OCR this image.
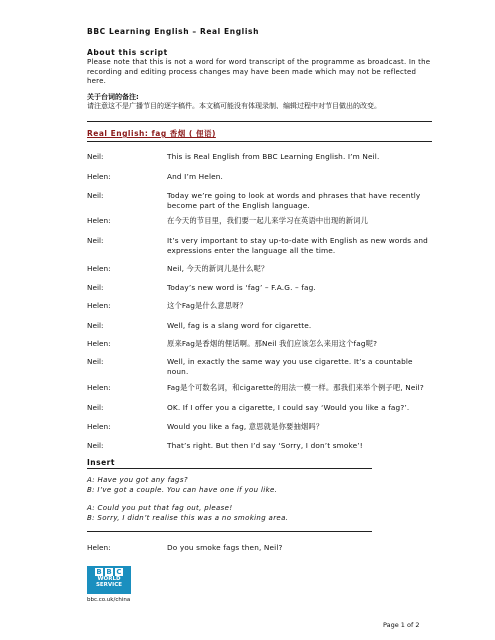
BBC Learning English – Real English
About this script
Please note that this is not a word for word transcript of the programme as broadcast. In the recording and editing process changes may have been made which may not be reflected here.
关于台词的备注:
请注意这不是广播节目的逐字稿件。本文稿可能没有体现录制、编辑过程中对节目做出的改变。
Real English: fag 香烟 ( 俚语)
Neil:	This is Real English from BBC Learning English. I’m Neil.
Helen:	And I’m Helen.
Neil:	Today we’re going to look at words and phrases that have recently become part of the English language.
Helen:	在今天的节目里，我们要一起儿来学习在英语中出现的新词儿
Neil:	It’s very important to stay up-to-date with English as new words and expressions enter the language all the time.
Helen:	Neil, 今天的新词儿是什么呢？
Neil:	Today’s new word is ‘fag’ – F.A.G. – fag.
Helen:	这个Fag是什么意思呀？
Neil:	Well, fag is a slang word for cigarette.
Helen:	原来Fag是香烟的俚话啊。那Neil 我们应该怎么来用这个fag呢?
Neil:	Well, in exactly the same way you use cigarette. It’s a countable noun.
Helen:	Fag是个可数名词，和cigarette的用法一模一样。那我们来举个例子吧, Neil?
Neil:	OK. If I offer you a cigarette, I could say ‘Would you like a fag?’.
Helen:	Would you like a fag, 意思就是你要抽烟吗？
Neil:	That’s right. But then I’d say ‘Sorry, I don’t smoke’!
Insert
A: Have you got any fags?
B: I’ve got a couple. You can have one if you like.
A: Could you put that fag out, please!
B: Sorry, I didn’t realise this was a no smoking area.
Helen:	Do you smoke fags then, Neil?
B B C
WORLD
SERVICE
bbc.co.uk/china
Page 1 of 2
